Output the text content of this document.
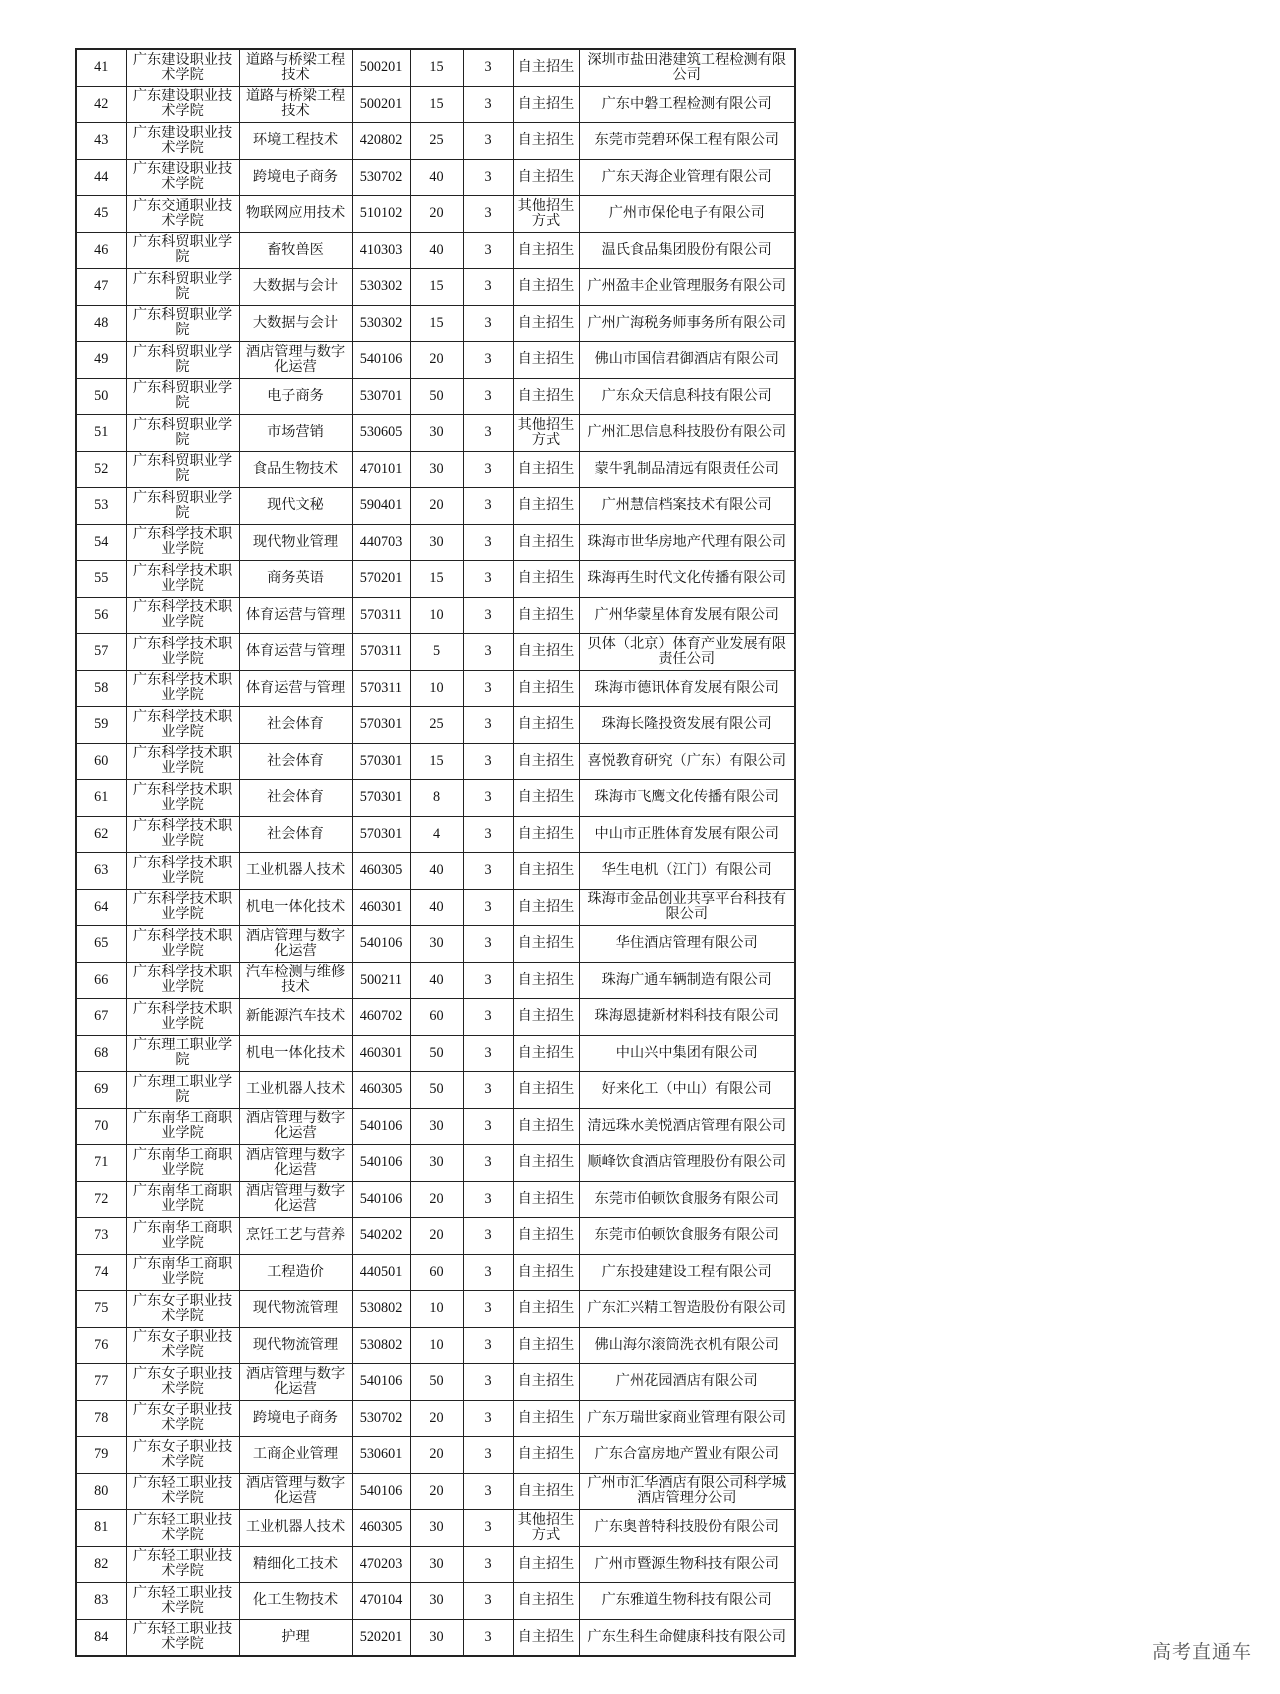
41	广东建设职业技术学院	道路与桥梁工程技术	500201	15	3	自主招生	深圳市盐田港建筑工程检测有限公司
42	广东建设职业技术学院	道路与桥梁工程技术	500201	15	3	自主招生	广东中磐工程检测有限公司
43	广东建设职业技术学院	环境工程技术	420802	25	3	自主招生	东莞市莞碧环保工程有限公司
44	广东建设职业技术学院	跨境电子商务	530702	40	3	自主招生	广东天海企业管理有限公司
45	广东交通职业技术学院	物联网应用技术	510102	20	3	其他招生方式	广州市保伦电子有限公司
46	广东科贸职业学院	畜牧兽医	410303	40	3	自主招生	温氏食品集团股份有限公司
47	广东科贸职业学院	大数据与会计	530302	15	3	自主招生	广州盈丰企业管理服务有限公司
48	广东科贸职业学院	大数据与会计	530302	15	3	自主招生	广州广海税务师事务所有限公司
49	广东科贸职业学院	酒店管理与数字化运营	540106	20	3	自主招生	佛山市国信君御酒店有限公司
50	广东科贸职业学院	电子商务	530701	50	3	自主招生	广东众天信息科技有限公司
51	广东科贸职业学院	市场营销	530605	30	3	其他招生方式	广州汇思信息科技股份有限公司
52	广东科贸职业学院	食品生物技术	470101	30	3	自主招生	蒙牛乳制品清远有限责任公司
53	广东科贸职业学院	现代文秘	590401	20	3	自主招生	广州慧信档案技术有限公司
54	广东科学技术职业学院	现代物业管理	440703	30	3	自主招生	珠海市世华房地产代理有限公司
55	广东科学技术职业学院	商务英语	570201	15	3	自主招生	珠海再生时代文化传播有限公司
56	广东科学技术职业学院	体育运营与管理	570311	10	3	自主招生	广州华蒙星体育发展有限公司
57	广东科学技术职业学院	体育运营与管理	570311	5	3	自主招生	贝体（北京）体育产业发展有限责任公司
58	广东科学技术职业学院	体育运营与管理	570311	10	3	自主招生	珠海市德讯体育发展有限公司
59	广东科学技术职业学院	社会体育	570301	25	3	自主招生	珠海长隆投资发展有限公司
60	广东科学技术职业学院	社会体育	570301	15	3	自主招生	喜悦教育研究（广东）有限公司
61	广东科学技术职业学院	社会体育	570301	8	3	自主招生	珠海市飞鹰文化传播有限公司
62	广东科学技术职业学院	社会体育	570301	4	3	自主招生	中山市正胜体育发展有限公司
63	广东科学技术职业学院	工业机器人技术	460305	40	3	自主招生	华生电机（江门）有限公司
64	广东科学技术职业学院	机电一体化技术	460301	40	3	自主招生	珠海市金品创业共享平台科技有限公司
65	广东科学技术职业学院	酒店管理与数字化运营	540106	30	3	自主招生	华住酒店管理有限公司
66	广东科学技术职业学院	汽车检测与维修技术	500211	40	3	自主招生	珠海广通车辆制造有限公司
67	广东科学技术职业学院	新能源汽车技术	460702	60	3	自主招生	珠海恩捷新材料科技有限公司
68	广东理工职业学院	机电一体化技术	460301	50	3	自主招生	中山兴中集团有限公司
69	广东理工职业学院	工业机器人技术	460305	50	3	自主招生	好来化工（中山）有限公司
70	广东南华工商职业学院	酒店管理与数字化运营	540106	30	3	自主招生	清远珠水美悦酒店管理有限公司
71	广东南华工商职业学院	酒店管理与数字化运营	540106	30	3	自主招生	顺峰饮食酒店管理股份有限公司
72	广东南华工商职业学院	酒店管理与数字化运营	540106	20	3	自主招生	东莞市伯顿饮食服务有限公司
73	广东南华工商职业学院	烹饪工艺与营养	540202	20	3	自主招生	东莞市伯顿饮食服务有限公司
74	广东南华工商职业学院	工程造价	440501	60	3	自主招生	广东投建建设工程有限公司
75	广东女子职业技术学院	现代物流管理	530802	10	3	自主招生	广东汇兴精工智造股份有限公司
76	广东女子职业技术学院	现代物流管理	530802	10	3	自主招生	佛山海尔滚筒洗衣机有限公司
77	广东女子职业技术学院	酒店管理与数字化运营	540106	50	3	自主招生	广州花园酒店有限公司
78	广东女子职业技术学院	跨境电子商务	530702	20	3	自主招生	广东万瑞世家商业管理有限公司
79	广东女子职业技术学院	工商企业管理	530601	20	3	自主招生	广东合富房地产置业有限公司
80	广东轻工职业技术学院	酒店管理与数字化运营	540106	20	3	自主招生	广州市汇华酒店有限公司科学城酒店管理分公司
81	广东轻工职业技术学院	工业机器人技术	460305	30	3	其他招生方式	广东奥普特科技股份有限公司
82	广东轻工职业技术学院	精细化工技术	470203	30	3	自主招生	广州市暨源生物科技有限公司
83	广东轻工职业技术学院	化工生物技术	470104	30	3	自主招生	广东雅道生物科技有限公司
84	广东轻工职业技术学院	护理	520201	30	3	自主招生	广东生科生命健康科技有限公司
高考直通车
